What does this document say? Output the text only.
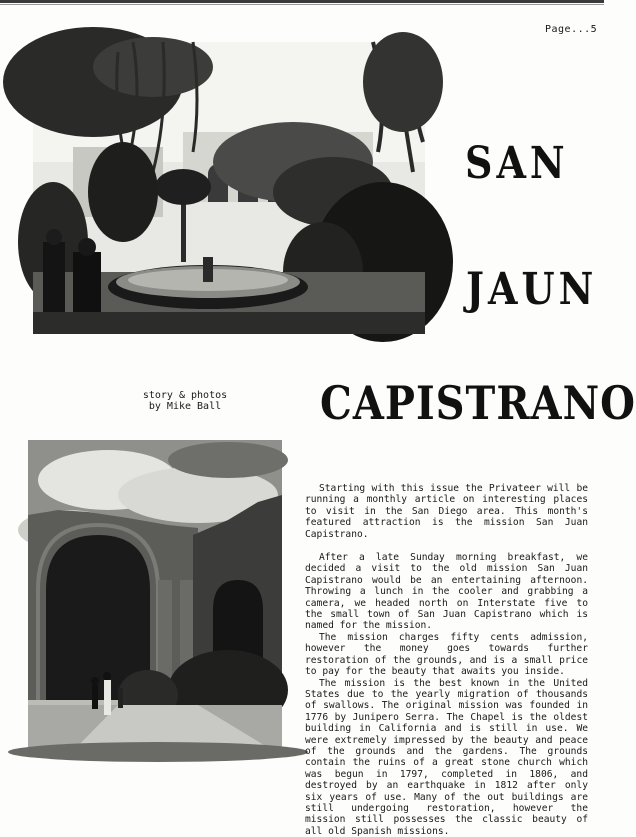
Page...5
SAN
JAUN
CAPISTRANO
story & photos
by Mike Ball

Starting with this issue the Privateer will be running a monthly article on interesting places to visit in the San Diego area. This month's featured attraction is the mission San Juan Capistrano.

After a late Sunday morning breakfast, we decided a visit to the old mission San Juan Capistrano would be an entertaining afternoon. Throwing a lunch in the cooler and grabbing a camera, we headed north on Interstate five to the small town of San Juan Capistrano which is named for the mission.

The mission charges fifty cents admission, however the money goes towards further restoration of the grounds, and is a small price to pay for the beauty that awaits you inside.

The mission is the best known in the United States due to the yearly migration of thousands of swallows. The original mission was founded in 1776 by Junipero Serra. The Chapel is the oldest building in California and is still in use. We were extremely impressed by the beauty and peace of the grounds and the gardens. The grounds contain the ruins of a great stone church which was begun in 1797, completed in 1806, and destroyed by an earthquake in 1812 after only six years of use. Many of the out buildings are still undergoing restoration, however the mission still possesses the classic beauty of all old Spanish missions.
